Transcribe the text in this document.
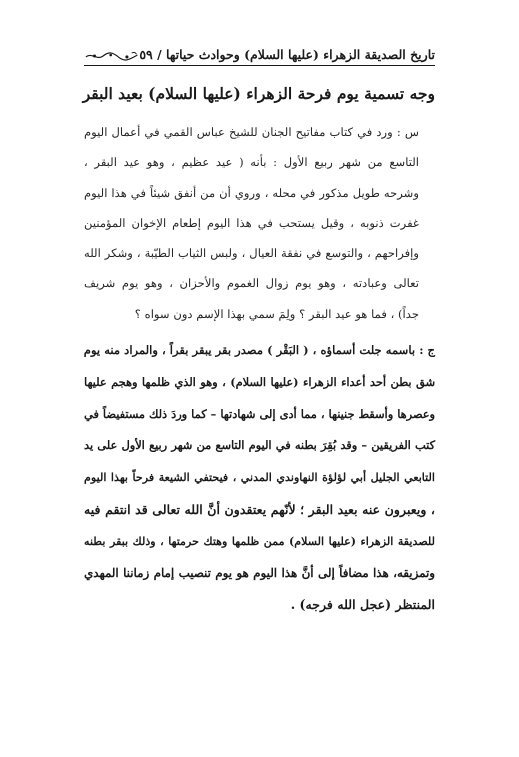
تاريخ الصديقة الزهراء (عليها السلام) وحوادث حياتها / ٥٩
وجه تسمية يوم فرحة الزهراء (عليها السلام) بعيد البقر
س : ورد في كتاب مفاتيح الجنان للشيخ عباس القمي في أعمال اليوم
التاسع من شهر ربيع الأول : بأنه ( عيد عظيم ، وهو عيد البقر ،
وشرحه طويل مذكور في محله ، وروي أن من أنفق شيئاً في هذا اليوم
غفرت ذنوبه ، وقيل يستحب في هذا اليوم إطعام الإخوان المؤمنين
وإفراحهم ، والتوسع في نفقة العيال ، ولبس الثياب الطيّبة ، وشكر الله
تعالى وعبادته ، وهو يوم زوال الغموم والأحزان ، وهو يوم شريف
جداً) ، فما هو عيد البقر ؟ ولِمَ سمي بهذا الإسم دون سواه ؟
ج : باسمه جلت أسماؤه ، ( البَقْر ) مصدر بقر يبقر بقراً ، والمراد منه يوم
شق بطن أحد أعداء الزهراء (عليها السلام) ، وهو الذي ظلمها وهجم عليها
وعصرها وأسقط جنينها ، مما أدى إلى شهادتها – كما وردَ ذلك مستفيضاً في
كتب الفريقين – وقد بُقِرَ بطنه في اليوم التاسع من شهر ربيع الأول على يد
التابعي الجليل أبي لؤلؤة النهاوندي المدني ، فيحتفي الشيعة فرحاً بهذا اليوم
، ويعبرون عنه بعيد البقر ؛ لأنّهم يعتقدون أنَّ الله تعالى قد انتقم فيه
للصديقة الزهراء (عليها السلام) ممن ظلمها وهتك حرمتها ، وذلك ببقر بطنه
وتمزيقه، هذا مضافاً إلى أنَّ هذا اليوم هو يوم تنصيب إمام زماننا المهدي
المنتظر (عجل الله فرجه) .
